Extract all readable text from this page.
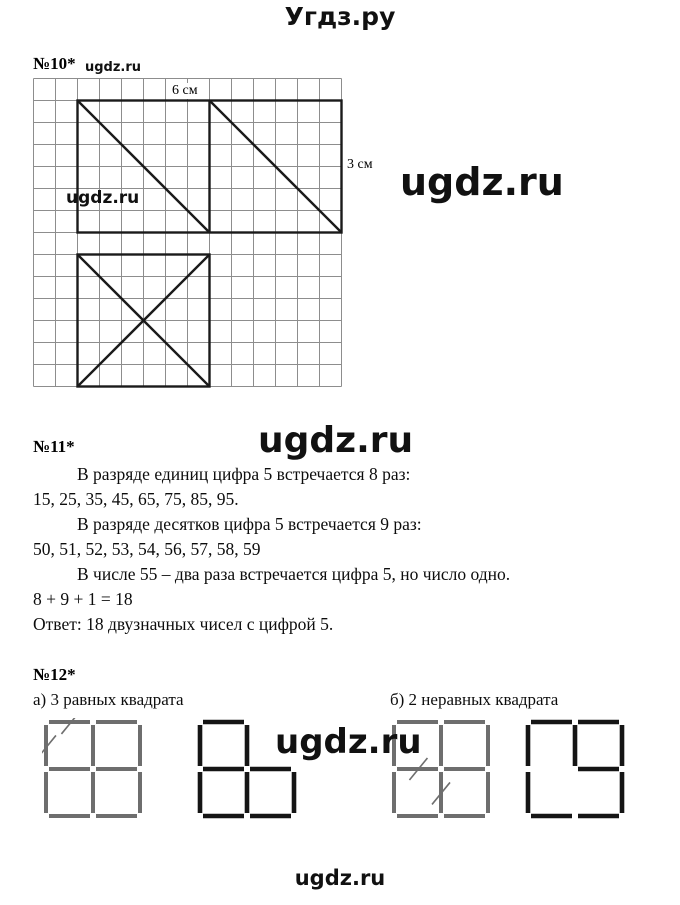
Угдз.ру
№10* ugdz.ru
6 см
3 см
ugdz.ru	ugdz.ru
№11*	ugdz.ru

В разряде единиц цифра 5 встречается 8 раз:

15, 25, 35, 45, 65, 75, 85, 95.

В разряде десятков цифра 5 встречается 9 раз:

50, 51, 52, 53, 54, 56, 57, 58, 59

В числе 55 – два раза встречается цифра 5, но число одно.

8 + 9 + 1 = 18

Ответ: 18 двузначных чисел с цифрой 5.

№12*
а) 3 равных квадрата	б) 2 неравных квадрата
ugdz.ru
ugdz.ru
